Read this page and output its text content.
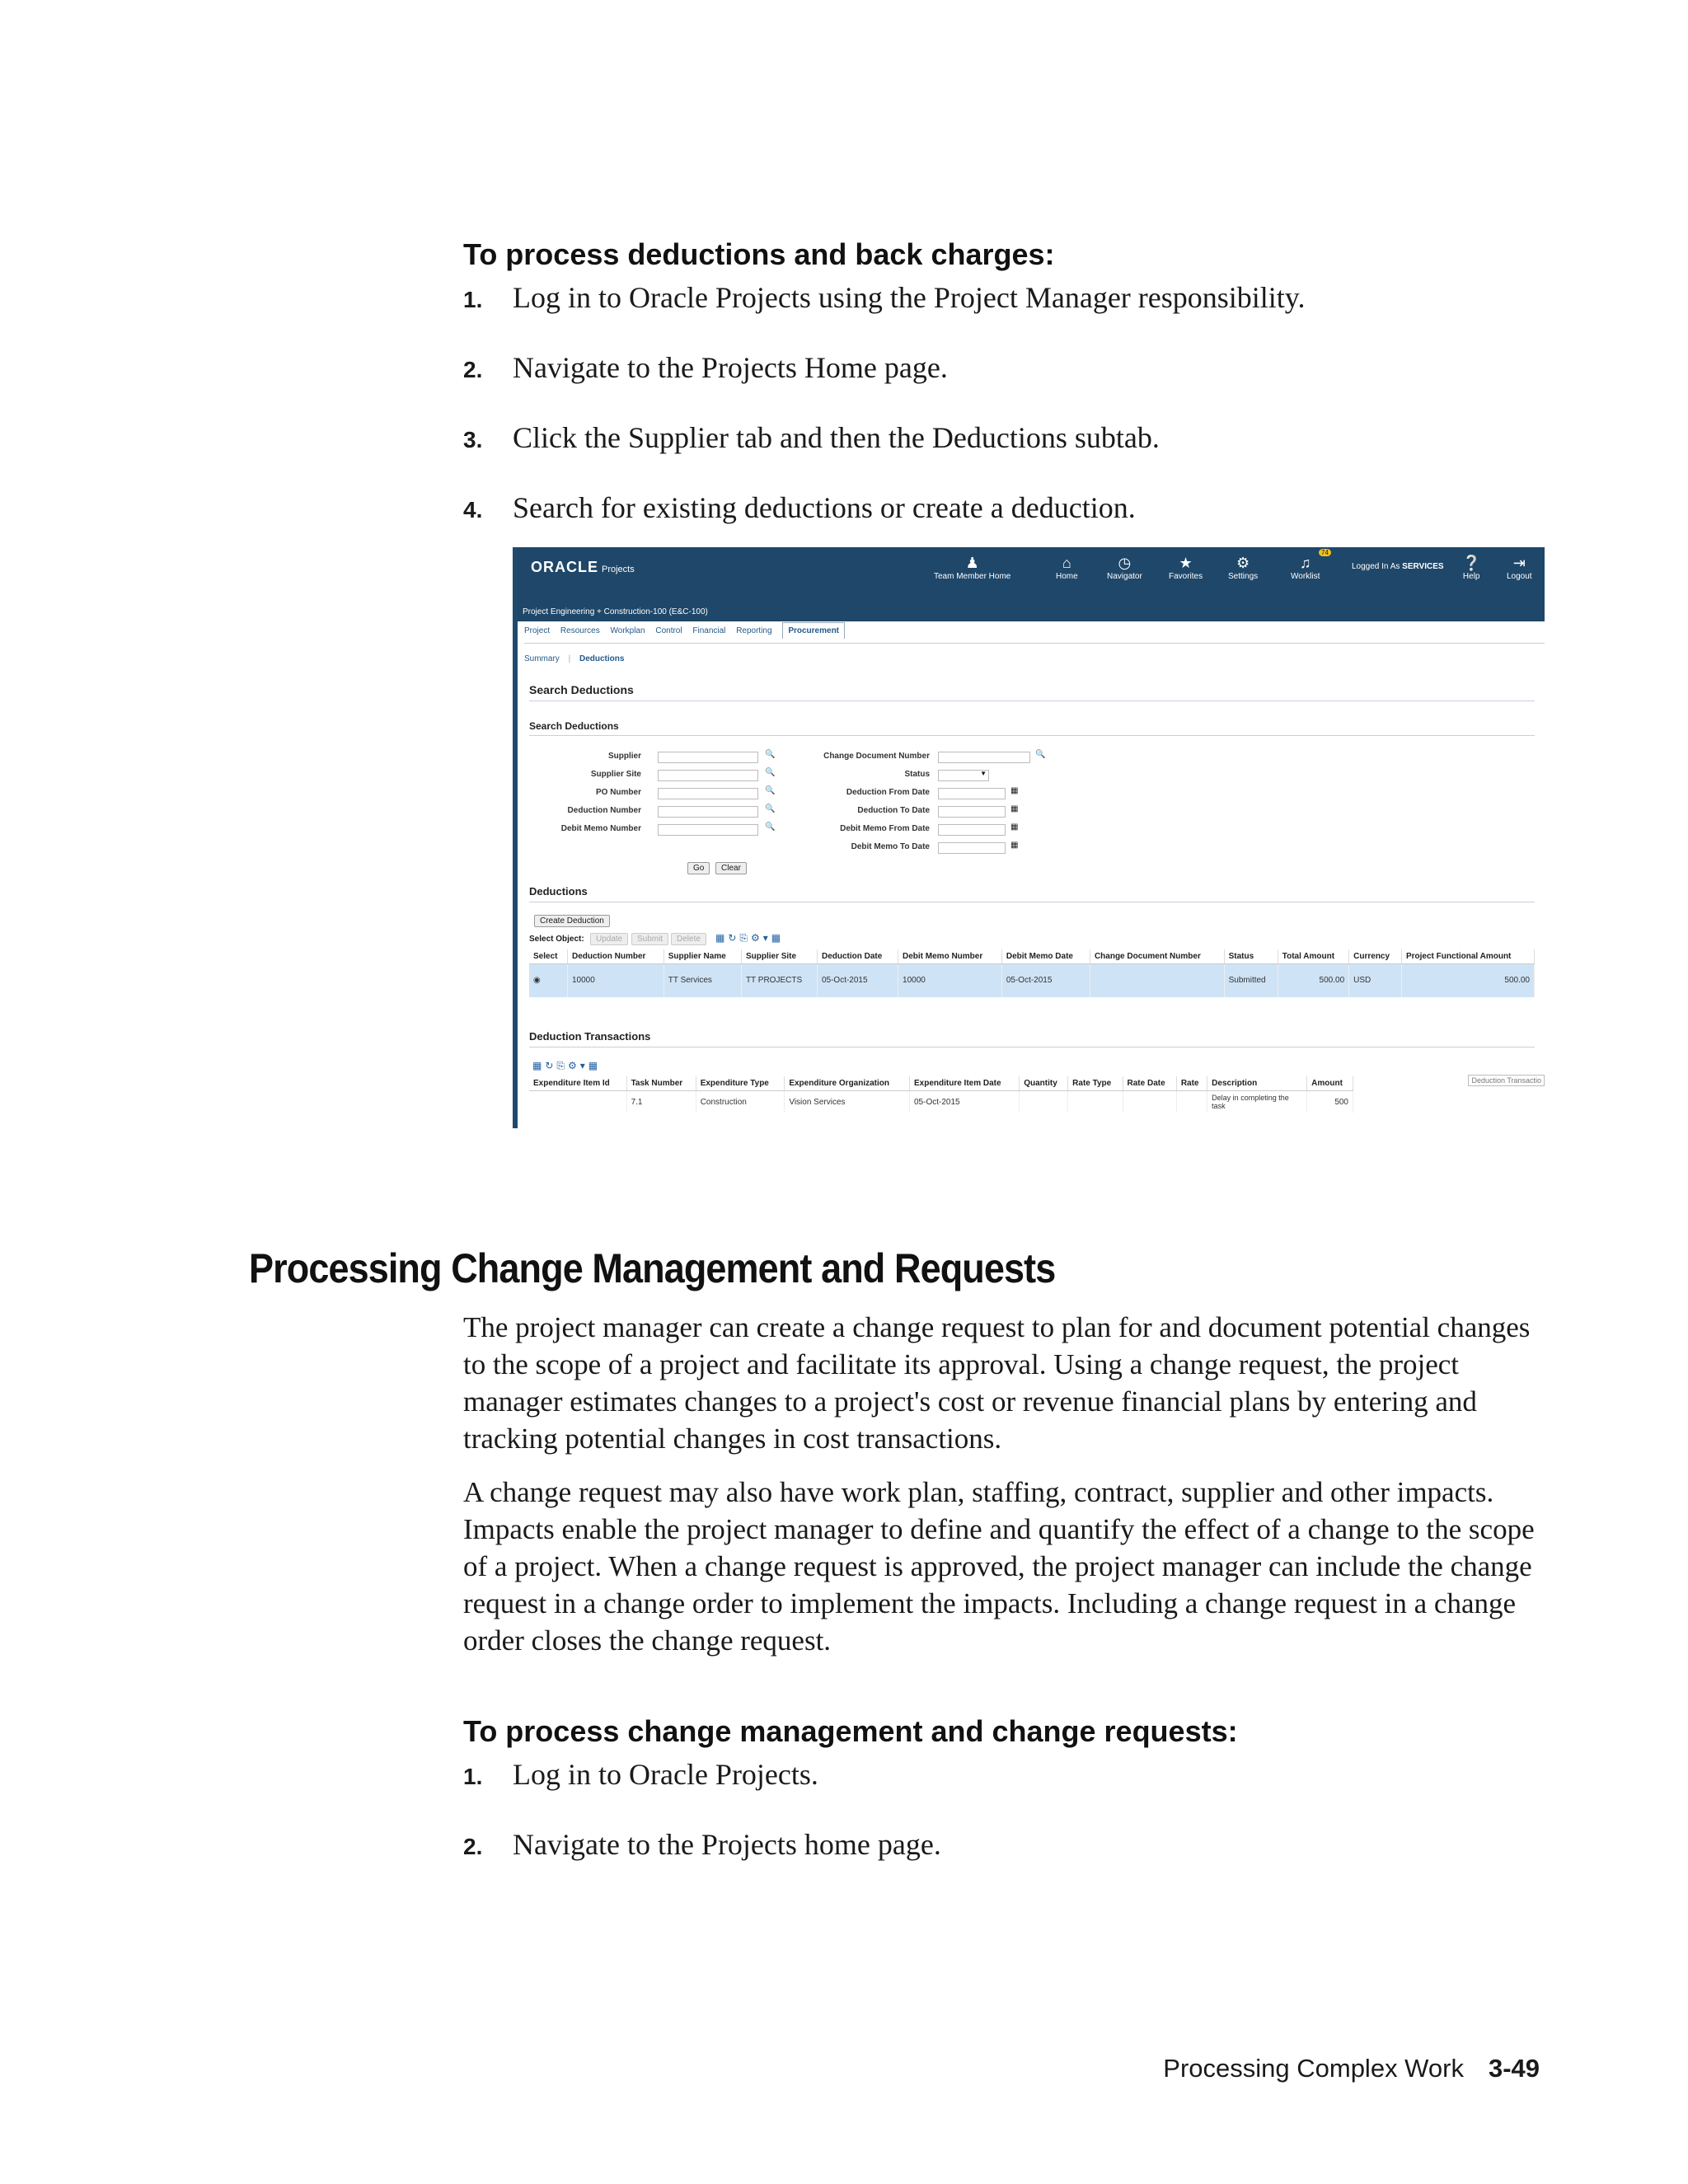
To process deductions and back charges:
1. Log in to Oracle Projects using the Project Manager responsibility.
2. Navigate to the Projects Home page.
3. Click the Supplier tab and then the Deductions subtab.
4. Search for existing deductions or create a deduction.
ORACLE Projects	♟
Team Member Home
⌂
Home
◷
Navigator
★
Favorites
⚙
Settings
♫
Worklist
74
Logged In As SERVICES ❔
Help
⇥
Logout
Project Engineering + Construction-100 (E&C-100)
Project Resources Workplan Control Financial Reporting Procurement
Summary | Deductions
Search Deductions
Search Deductions
Supplier	🔍
Supplier Site	🔍
PO Number	🔍
Deduction Number	🔍
Debit Memo Number	🔍
Change Document Number	🔍
Status	▼
Deduction From Date	▦
Deduction To Date	▦
Debit Memo From Date	▦
Debit Memo To Date	▦
Go	Clear
Deductions
Create Deduction
Select Object:	Update	Submit	Delete	▦↻⎘⚙▾▦
Select	Deduction Number	Supplier Name	Supplier Site	Deduction Date	Debit Memo Number	Debit Memo Date	Change Document Number	Status	Total Amount	Currency	Project Functional Amount
◉	10000	TT Services	TT PROJECTS	05-Oct-2015	10000	05-Oct-2015		Submitted	500.00	USD	500.00
Deduction Transactions
▦↻⎘⚙▾▦
Deduction Transactio
Expenditure Item Id	Task Number	Expenditure Type	Expenditure Organization	Expenditure Item Date	Quantity	Rate Type	Rate Date	Rate	Description	Amount
	7.1	Construction	Vision Services	05-Oct-2015					Delay in completing the task	500
Processing Change Management and Requests
The project manager can create a change request to plan for and document potential changes to the scope of a project and facilitate its approval. Using a change request, the project manager estimates changes to a project's cost or revenue financial plans by entering and tracking potential changes in cost transactions.
A change request may also have work plan, staffing, contract, supplier and other impacts. Impacts enable the project manager to define and quantify the effect of a change to the scope of a project. When a change request is approved, the project manager can include the change request in a change order to implement the impacts. Including a change request in a change order closes the change request.
To process change management and change requests:
1. Log in to Oracle Projects.
2. Navigate to the Projects home page.
Processing Complex Work 3-49
